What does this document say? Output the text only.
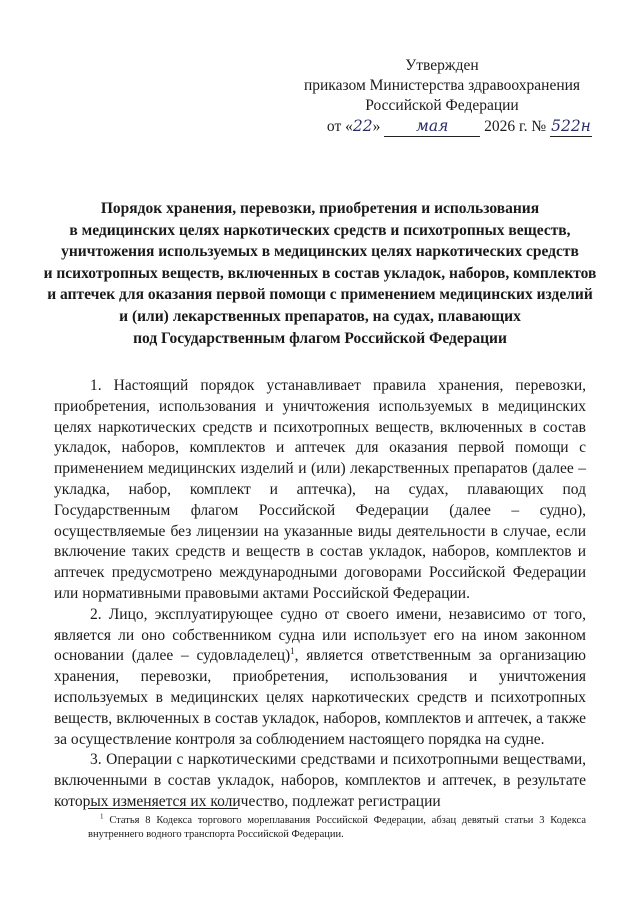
Утвержден
приказом Министерства здравоохранения
Российской Федерации
от «22» мая 2026 г. № 522н
Порядок хранения, перевозки, приобретения и использования
в медицинских целях наркотических средств и психотропных веществ,
уничтожения используемых в медицинских целях наркотических средств
и психотропных веществ, включенных в состав укладок, наборов, комплектов
и аптечек для оказания первой помощи с применением медицинских изделий
и (или) лекарственных препаратов, на судах, плавающих
под Государственным флагом Российской Федерации

1. Настоящий порядок устанавливает правила хранения, перевозки, приобретения, использования и уничтожения используемых в медицинских целях наркотических средств и психотропных веществ, включенных в состав укладок, наборов, комплектов и аптечек для оказания первой помощи с применением медицинских изделий и (или) лекарственных препаратов (далее – укладка, набор, комплект и аптечка), на судах, плавающих под Государственным флагом Российской Федерации (далее – судно), осуществляемые без лицензии на указанные виды деятельности в случае, если включение таких средств и веществ в состав укладок, наборов, комплектов и аптечек предусмотрено международными договорами Российской Федерации или нормативными правовыми актами Российской Федерации.

2. Лицо, эксплуатирующее судно от своего имени, независимо от того, является ли оно собственником судна или использует его на ином законном основании (далее – судовладелец)$^1$, является ответственным за организацию хранения, перевозки, приобретения, использования и уничтожения используемых в медицинских целях наркотических средств и психотропных веществ, включенных в состав укладок, наборов, комплектов и аптечек, а также за осуществление контроля за соблюдением настоящего порядка на судне.

3. Операции с наркотическими средствами и психотропными веществами, включенными в состав укладок, наборов, комплектов и аптечек, в результате которых изменяется их количество, подлежат регистрации

$^1$ Статья 8 Кодекса торгового мореплавания Российской Федерации, абзац девятый статьи 3 Кодекса внутреннего водного транспорта Российской Федерации.
